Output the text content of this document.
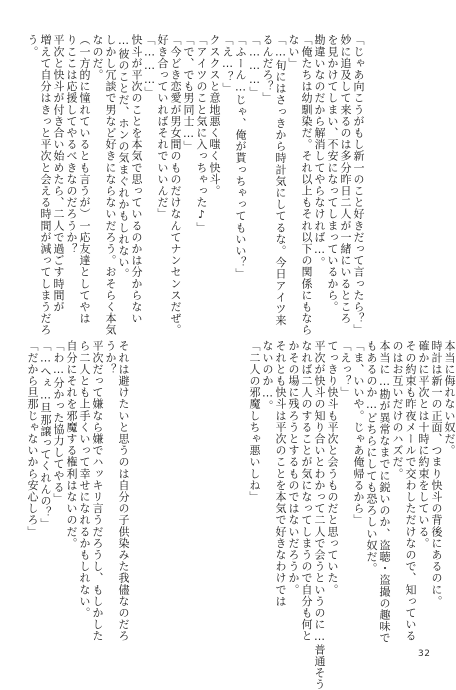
「じゃあ向こうがもし新一のこと好きだって言ったら？」
妙に追及して来るのは多分昨日二人が一緒にいるところ
を見かけてしまい、不安になってしまっているから。
勘違いなのだから解消してやらなければ…。
「俺たちは幼馴染だ。それ以上もそれ以下の関係にもなら
ない」
「…旬にはさっきから時計気にしてるな。今日アイツ来
るんだろ？」
「………」
「ふーん…じゃ、俺が貰っちゃってもいい？」
「え…？」
クスクスと意地悪く嗤く快斗。
「アイツのこと気に入っちゃった♪」
「で、でも男同士…」
「今どき恋愛が男女間のものだけなんてナンセンスだぜ。
好き合っていればそれでいいんだ」
「………」
快斗が平次のことを本気で思っているのかは分からない
…彼のことだ、ホンの気まぐれかもしれない。
しかし冗談で男など好きにならないだろう。おそらく本気
なのだ。
（一方的に憧れているとも言うが）一応友達としてやは
りここは応援してやるべきなのだろうか？
平次と快斗が付き合い始めたら、二人で過ごす時間が
増えて自分はきっと平次と会える時間が減ってしまうだろ
う。
本当に侮れない奴だ。
時計は新一の正面、つまり快斗の背後にあるのに。
確かに平次とは十時に約束をしている。
その約束も昨夜メールで交わしただけなので、知っている
のはお互いだけのハズだ。
本当に…勘が異常なまでに鋭いのか、盗聴・盗撮の趣味で
もあるのか…どちらにしても恐ろしい奴だ。
「ま、いいや。じゃあ俺帰るから」
「えっ？」
てっきり快斗も平次と会うものだと思っていた。
平次が快斗の知り合いとわかって二人で会うというのに…普通そう
なれば二人のすることが気になってしまうので自分も何と
かその場に残ろうとするものではないだろうか。
それとも快斗は平次のことを本気で好きなわけでは
ないのか…。
「二人の邪魔しちゃ悪いしね」
それは避けたいと思うのは自分の子供染みた我儘なのだろ
うか？
平次だって嫌なら嫌でハッキリ言うだろうし、もしかした
ら二人とも上手くいって幸せになれるかもしれない。
自分にそれを邪魔する権利はないのだ。
「わ…分かった協力してやる」
「…へぇ…旦那譲ってくれんの？」
「だから旦那じゃないから安心しろ」
32
